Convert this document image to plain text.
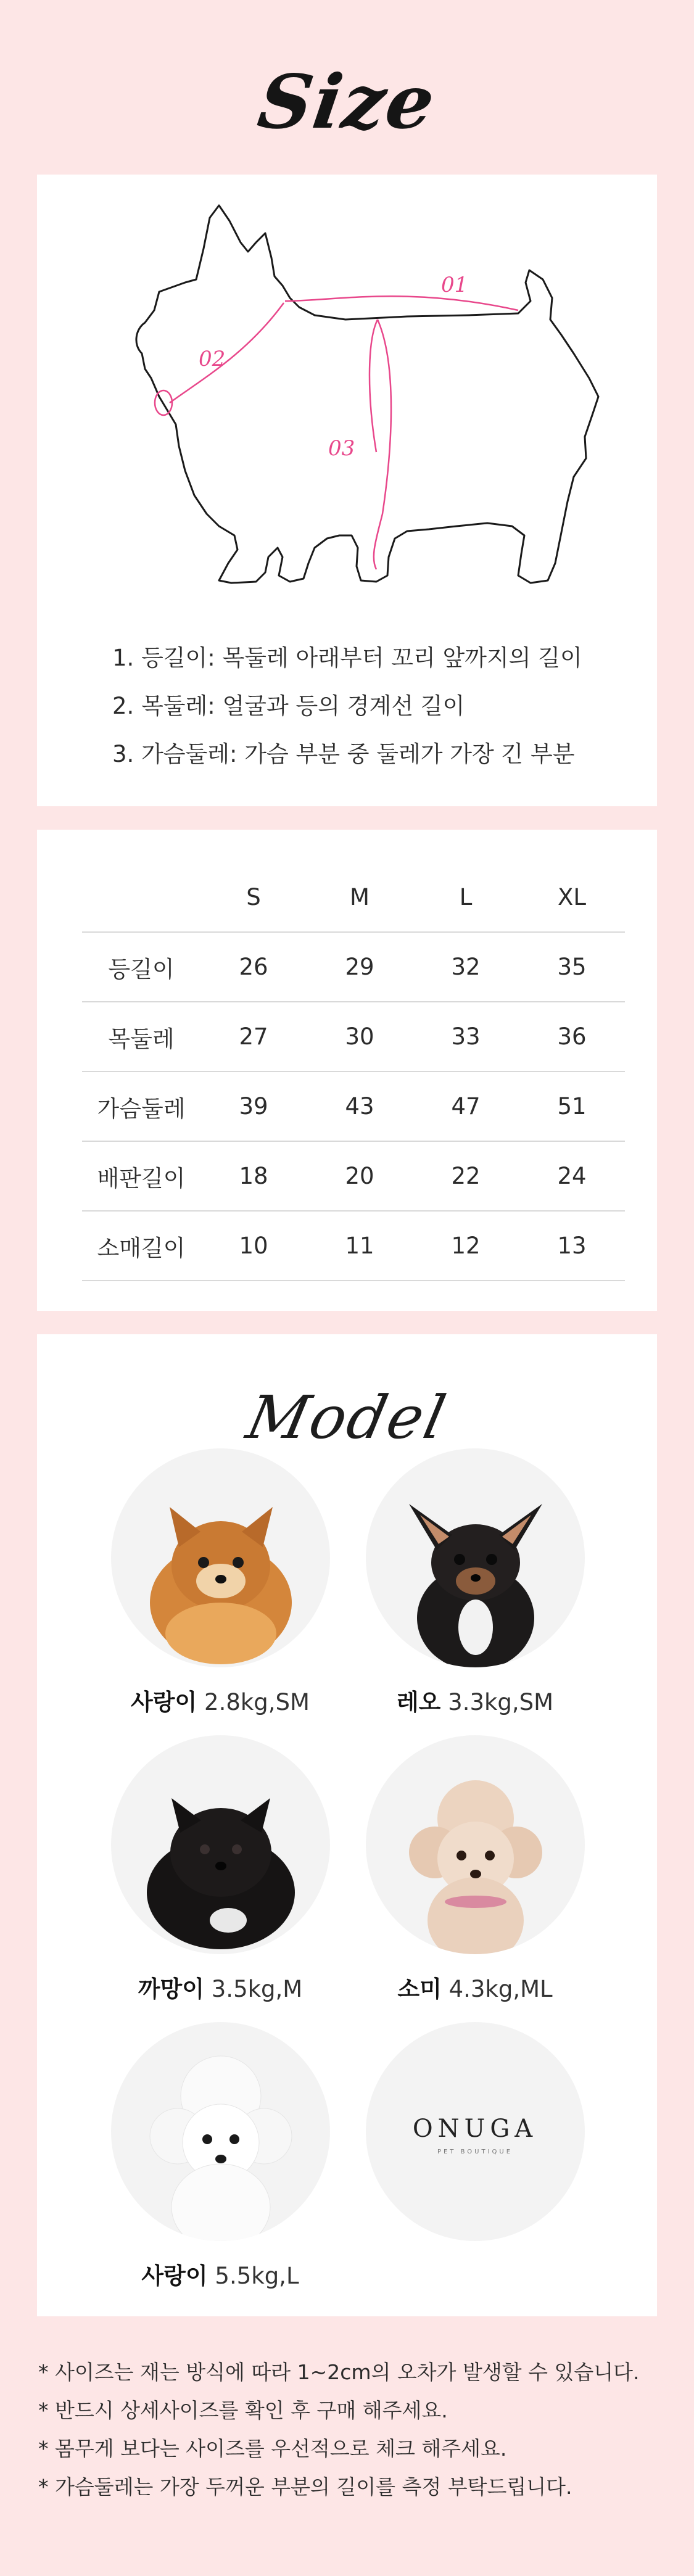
Size
01
02
03
1. 등길이: 목둘레 아래부터 꼬리 앞까지의 길이
2. 목둘레: 얼굴과 등의 경계선 길이
3. 가슴둘레: 가슴 부분 중 둘레가 가장 긴 부분
	S	M	L	XL
등길이	26	29	32	35
목둘레	27	30	33	36
가슴둘레	39	43	47	51
배판길이	18	20	22	24
소매길이	10	11	12	13
Model
사랑이 2.8kg,SM	레오 3.3kg,SM
까망이 3.5kg,M	소미 4.3kg,ML
사랑이 5.5kg,L
ONUGA
PET BOUTIQUE
* 사이즈는 재는 방식에 따라 1~2cm의 오차가 발생할 수 있습니다.
* 반드시 상세사이즈를 확인 후 구매 해주세요.
* 몸무게 보다는 사이즈를 우선적으로 체크 해주세요.
* 가슴둘레는 가장 두꺼운 부분의 길이를 측정 부탁드립니다.
